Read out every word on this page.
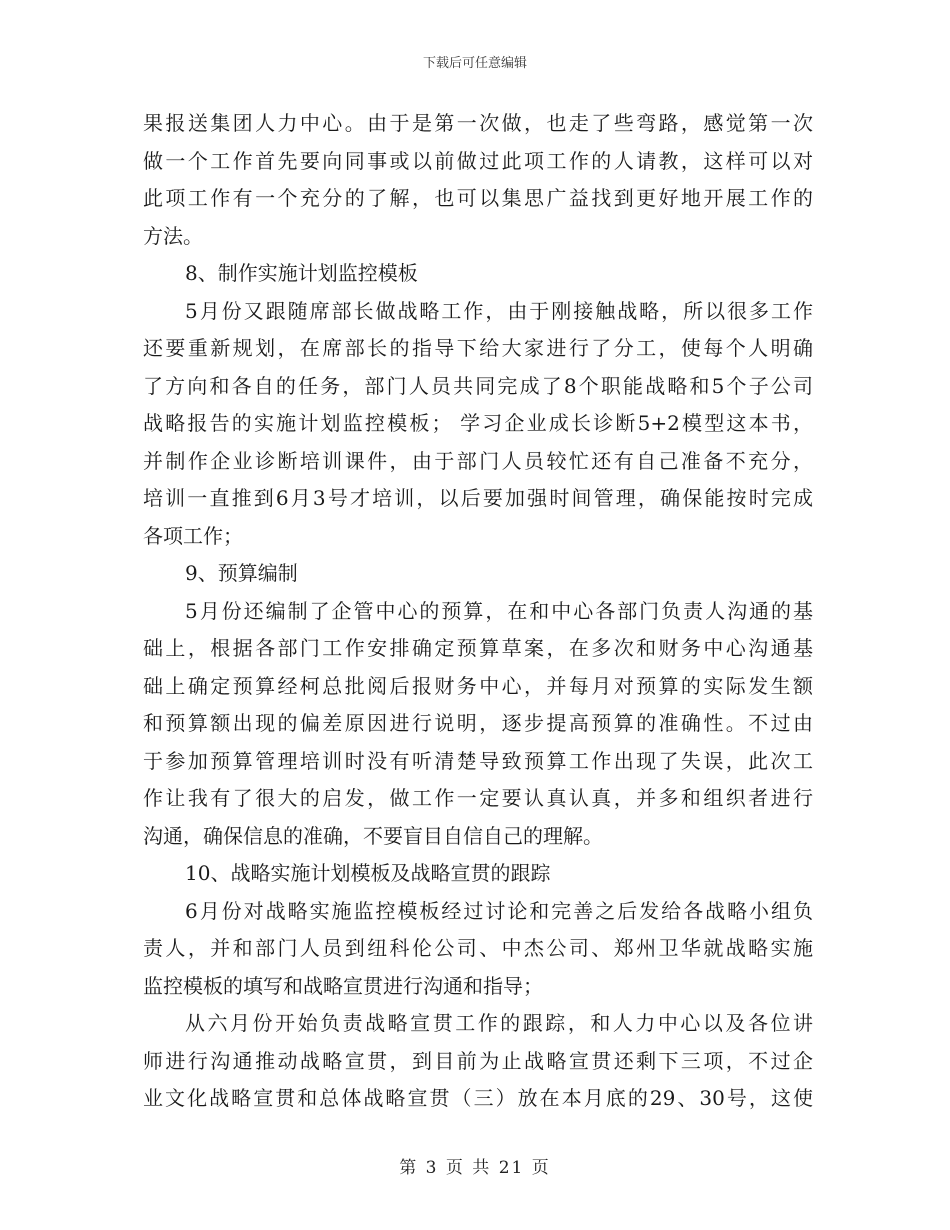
下载后可任意编辑
果报送集团人力中心。由于是第一次做，也走了些弯路，感觉第一次
做一个工作首先要向同事或以前做过此项工作的人请教，这样可以对
此项工作有一个充分的了解，也可以集思广益找到更好地开展工作的
方法。
8、制作实施计划监控模板
5月份又跟随席部长做战略工作，由于刚接触战略，所以很多工作
还要重新规划，在席部长的指导下给大家进行了分工，使每个人明确
了方向和各自的任务，部门人员共同完成了8个职能战略和5个子公司
战略报告的实施计划监控模板； 学习企业成长诊断5+2模型这本书，
并制作企业诊断培训课件，由于部门人员较忙还有自己准备不充分，
培训一直推到6月3号才培训，以后要加强时间管理，确保能按时完成
各项工作；
9、预算编制
5月份还编制了企管中心的预算，在和中心各部门负责人沟通的基
础上，根据各部门工作安排确定预算草案，在多次和财务中心沟通基
础上确定预算经柯总批阅后报财务中心，并每月对预算的实际发生额
和预算额出现的偏差原因进行说明，逐步提高预算的准确性。不过由
于参加预算管理培训时没有听清楚导致预算工作出现了失误，此次工
作让我有了很大的启发，做工作一定要认真认真，并多和组织者进行
沟通，确保信息的准确，不要盲目自信自己的理解。
10、战略实施计划模板及战略宣贯的跟踪
6月份对战略实施监控模板经过讨论和完善之后发给各战略小组负
责人，并和部门人员到纽科伦公司、中杰公司、郑州卫华就战略实施
监控模板的填写和战略宣贯进行沟通和指导；
从六月份开始负责战略宣贯工作的跟踪，和人力中心以及各位讲
师进行沟通推动战略宣贯，到目前为止战略宣贯还剩下三项，不过企
业文化战略宣贯和总体战略宣贯（三）放在本月底的29、30号，这使
第 3 页 共 21 页
